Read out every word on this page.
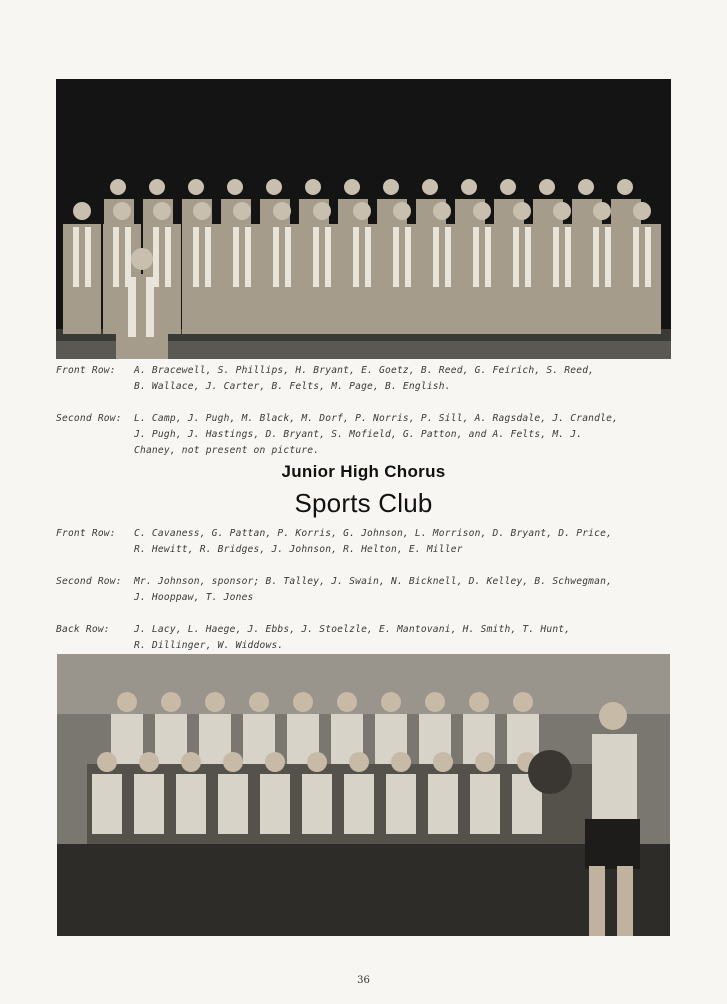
Front Row: A. Bracewell, S. Phillips, H. Bryant, E. Goetz, B. Reed, G. Feirich, S. Reed,
B. Wallace, J. Carter, B. Felts, M. Page, B. English.
Second Row: L. Camp, J. Pugh, M. Black, M. Dorf, P. Norris, P. Sill, A. Ragsdale, J. Crandle,
J. Pugh, J. Hastings, D. Bryant, S. Mofield, G. Patton, and A. Felts, M. J.
Chaney, not present on picture.
Junior High Chorus
Sports Club
Front Row: C. Cavaness, G. Pattan, P. Korris, G. Johnson, L. Morrison, D. Bryant, D. Price,
R. Hewitt, R. Bridges, J. Johnson, R. Helton, E. Miller
Second Row: Mr. Johnson, sponsor; B. Talley, J. Swain, N. Bicknell, D. Kelley, B. Schwegman,
J. Hooppaw, T. Jones
Back Row:	J. Lacy, L. Haege, J. Ebbs, J. Stoelzle, E. Mantovani, H. Smith, T. Hunt,
R. Dillinger, W. Widdows.
36
